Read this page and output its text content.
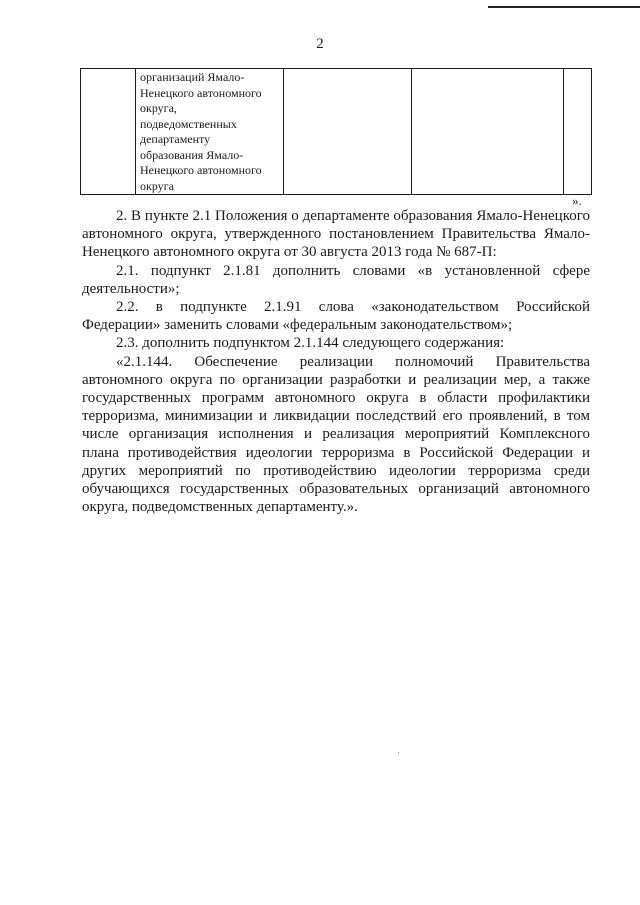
2

организаций Ямало-
Ненецкого автономного
округа,
подведомственных
департаменту
образования Ямало-
Ненецкого автономного
округа

».

2. В пункте 2.1 Положения о департаменте образования Ямало-Ненецкого автономного округа, утвержденного постановлением Правительства Ямало-Ненецкого автономного округа от 30 августа 2013 года № 687-П:

2.1. подпункт 2.1.81 дополнить словами «в установленной сфере деятельности»;

2.2. в подпункте 2.1.91 слова «законодательством Российской Федерации» заменить словами «федеральным законодательством»;

2.3. дополнить подпунктом 2.1.144 следующего содержания:

«2.1.144. Обеспечение реализации полномочий Правительства автономного округа по организации разработки и реализации мер, а также государственных программ автономного округа в области профилактики терроризма, минимизации и ликвидации последствий его проявлений, в том числе организация исполнения и реализация мероприятий Комплексного плана противодействия идеологии терроризма в Российской Федерации и других мероприятий по противодействию идеологии терроризма среди обучающихся государственных образовательных организаций автономного округа, подведомственных департаменту.».
